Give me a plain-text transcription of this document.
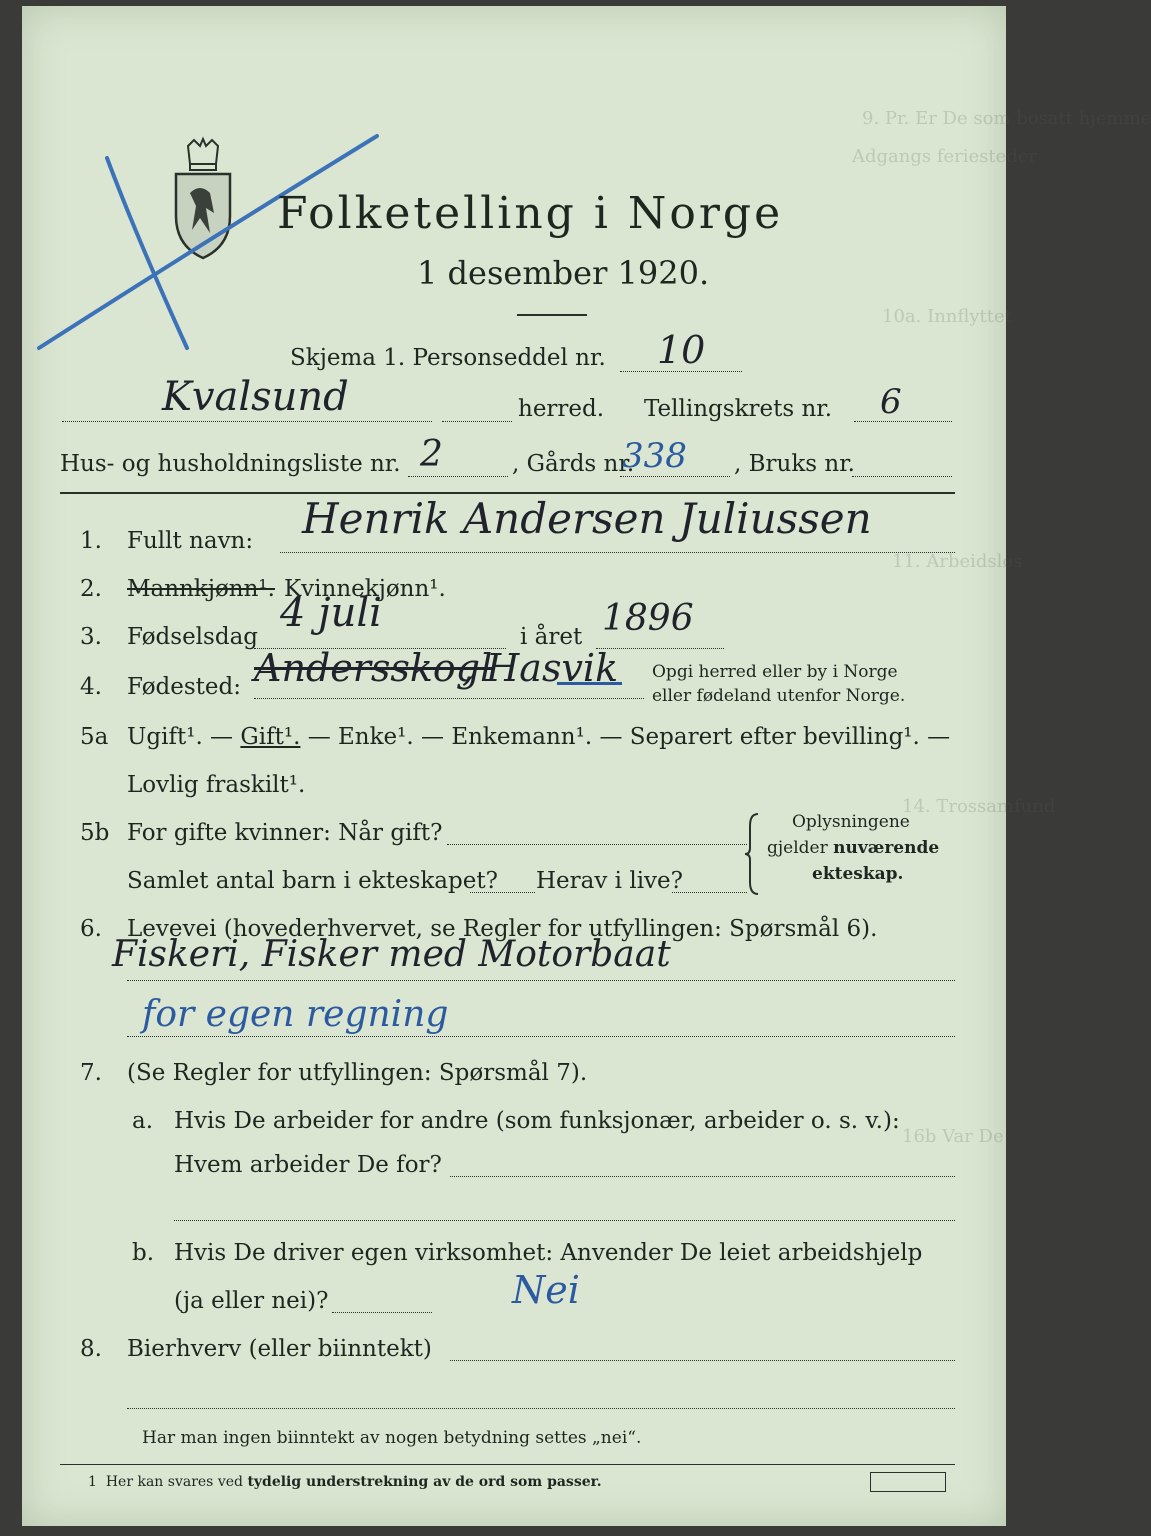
9. Pr. Er De som bosatt hjemme
Adgangs feriesteder
10a. Innflyttet
11. Arbeidsløs
14. Trossamfund
16b Var De
Folketelling i Norge
1 desember 1920.
Skjema 1. Personseddel nr. 10
Kvalsund	herred. Tellingskrets nr. 6
Hus- og husholdningsliste nr. 2	, Gårds nr.
338 , Bruks nr.
1. Fullt navn: Henrik Andersen Juliussen
2. Mannkjønn¹. Kvinnekjønn¹.
3. Fødselsdag
4 juli
i året 1896
4. Fødested: Andersskogl
, Hasvik Opgi herred eller by i Norge
eller fødeland utenfor Norge.
5a Ugift¹. — Gift¹. — Enke¹. — Enkemann¹. — Separert efter bevilling¹. —
Lovlig fraskilt¹.
5b For gifte kvinner: Når gift?
Samlet antal barn i ekteskapet? Herav i live?
Oplysningene
gjelder nuværende
ekteskap.
6. Levevei (hovederhvervet, se Regler for utfyllingen: Spørsmål 6).
Fiskeri, Fisker med Motorbaat
for egen regning
7. (Se Regler for utfyllingen: Spørsmål 7).
a. Hvis De arbeider for andre (som funksjonær, arbeider o. s. v.):
Hvem arbeider De for?
b. Hvis De driver egen virksomhet: Anvender De leiet arbeidshjelp
(ja eller nei)?	Nei
8. Bierhverv (eller biinntekt)
Har man ingen biinntekt av nogen betydning settes „nei“.
1 Her kan svares ved tydelig understrekning av de ord som passer.
